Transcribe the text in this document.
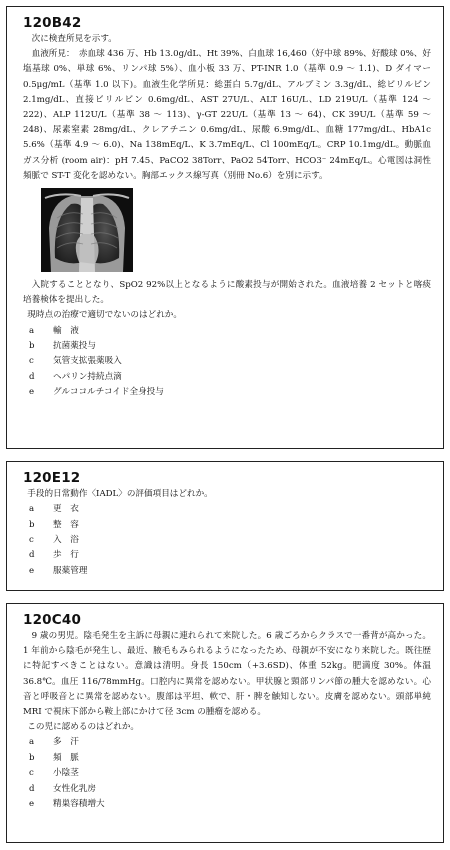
120B42

次に検査所見を示す。

血液所見：　赤血球 436 万、Hb 13.0g/dL、Ht 39%、白血球 16,460（好中球 89%、好酸球 0%、好塩基球 0%、単球 6%、リンパ球 5%）、血小板 33 万、PT-INR 1.0（基準 0.9 ～ 1.1)、D ダイマー 0.5μg/mL（基準 1.0 以下)。血液生化学所見：総蛋白 5.7g/dL、アルブミン 3.3g/dL、総ビリルビン 2.1mg/dL、直接ビリルビン 0.6mg/dL、AST 27U/L、ALT 16U/L、LD 219U/L（基準 124 ～ 222)、ALP 112U/L（基準 38 ～ 113)、γ-GT 22U/L（基準 13 ～ 64)、CK 39U/L（基準 59 ～ 248)、尿素窒素 28mg/dL、クレアチニン 0.6mg/dL、尿酸 6.9mg/dL、血糖 177mg/dL、HbA1c 5.6%（基準 4.9 ～ 6.0)、Na 138mEq/L、K 3.7mEq/L、Cl 100mEq/L。CRP 10.1mg/dL。動脈血ガス分析 (room air)：pH 7.45、PaCO2 38Torr、PaO2 54Torr、HCO3⁻ 24mEq/L。心電図は洞性頻脈で ST-T 変化を認めない。胸部エックス線写真（別冊 No.6）を別に示す。

入院することとなり、SpO2 92%以上となるように酸素投与が開始された。血液培養 2 セットと喀痰培養検体を提出した。

現時点の治療で適切でないのはどれか。

a	輸　液
b	抗菌薬投与
c	気管支拡張薬吸入
d	ヘパリン持続点滴
e	グルココルチコイド全身投与
120E12

手段的日常動作〈IADL〉の評価項目はどれか。

a	更　衣
b	整　容
c	入　浴
d	歩　行
e	服薬管理
120C40

9 歳の男児。陰毛発生を主訴に母親に連れられて来院した。6 歳ごろからクラスで一番背が高かった。1 年前から陰毛が発生し、最近、腋毛もみられるようになったため、母親が不安になり来院した。既往歴に特記すべきことはない。意識は清明。身長 150cm（+3.6SD)、体重 52kg。肥満度 30%。体温 36.8℃。血圧 116/78mmHg。口腔内に異常を認めない。甲状腺と頸部リンパ節の腫大を認めない。心音と呼吸音とに異常を認めない。腹部は平坦、軟で、肝・脾を触知しない。皮膚を認めない。頭部単純 MRI で視床下部から鞍上部にかけて径 3cm の腫瘤を認める。

この児に認めるのはどれか。

a	多　汗
b	頻　脈
c	小陰茎
d	女性化乳房
e	精巣容積増大
